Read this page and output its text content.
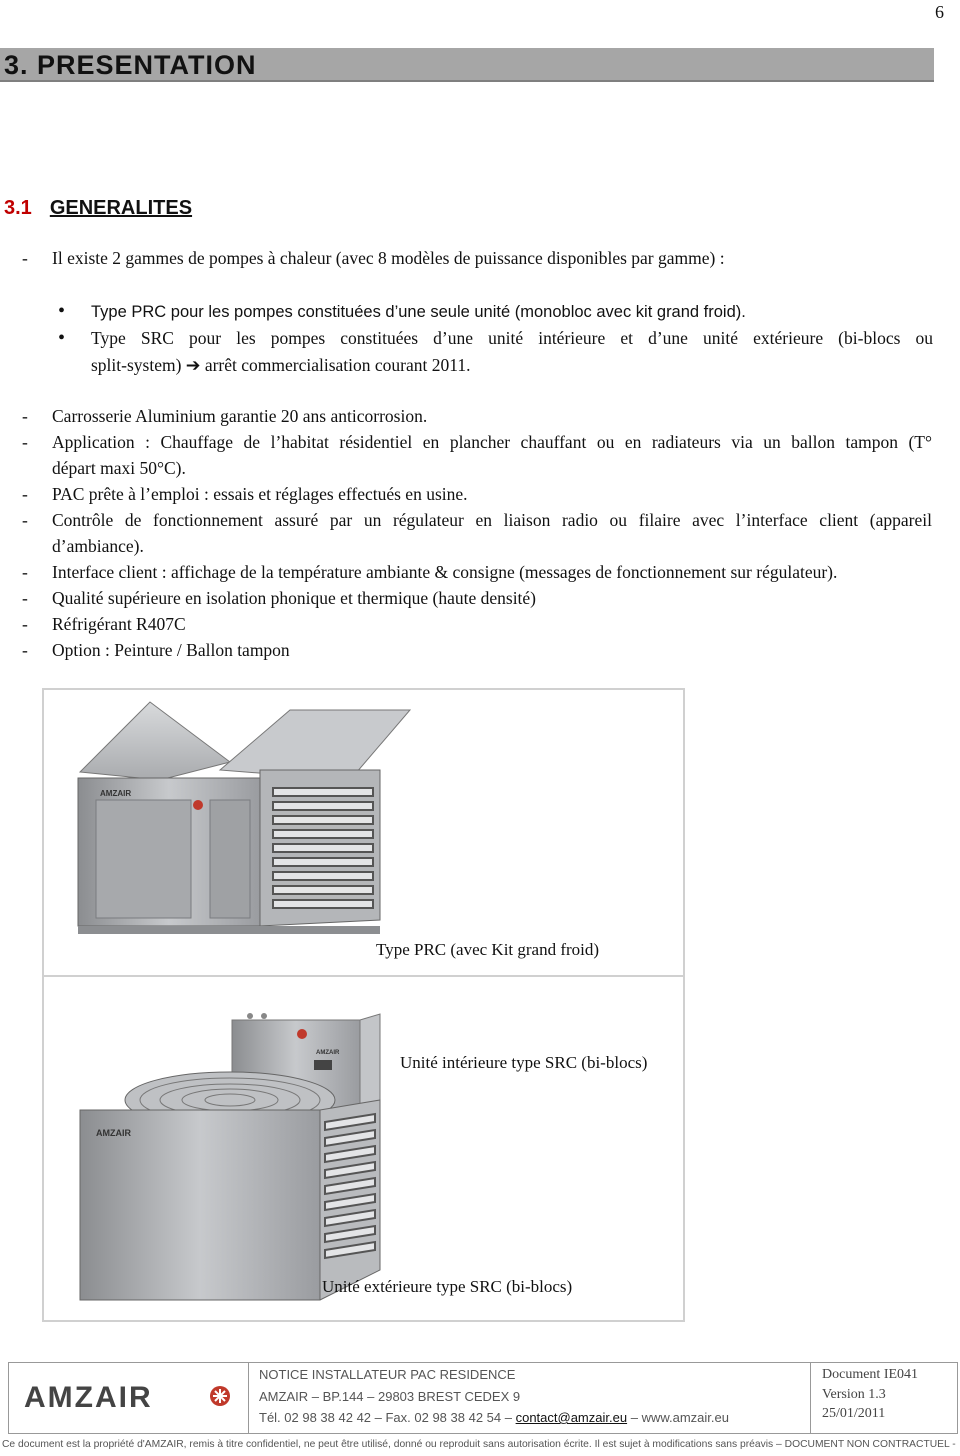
6
3. PRESENTATION
3.1 GENERALITES
- Il existe 2 gammes de pompes à chaleur (avec 8 modèles de puissance disponibles par gamme) :
• Type PRC pour les pompes constituées d’une seule unité (monobloc avec kit grand froid).
• Type SRC pour les pompes constituées d’une unité intérieure et d’une unité extérieure (bi-blocs ou
split-system) ➔ arrêt commercialisation courant 2011.
- Carrosserie Aluminium garantie 20 ans anticorrosion.
- Application : Chauffage de l’habitat résidentiel en plancher chauffant ou en radiateurs via un ballon tampon (T°
départ maxi 50°C).
- PAC prête à l’emploi : essais et réglages effectués en usine.
- Contrôle de fonctionnement assuré par un régulateur en liaison radio ou filaire avec l’interface client (appareil
d’ambiance).
- Interface client : affichage de la température ambiante & consigne (messages de fonctionnement sur régulateur).
- Qualité supérieure en isolation phonique et thermique (haute densité)
- Réfrigérant R407C
- Option : Peinture / Ballon tampon
AMZAIR
Type PRC (avec Kit grand froid)
AMZAIR	Unité intérieure type SRC (bi-blocs)
AMZAIR
Unité extérieure type SRC (bi-blocs)
AMZAIR
NOTICE INSTALLATEUR PAC RESIDENCE
AMZAIR – BP.144 – 29803 BREST CEDEX 9
Tél. 02 98 38 42 42 – Fax. 02 98 38 42 54 – contact@amzair.eu – www.amzair.eu
Document IE041
Version 1.3
25/01/2011
Ce document est la propriété d'AMZAIR, remis à titre confidentiel, ne peut être utilisé, donné ou reproduit sans autorisation écrite. Il est sujet à modifications sans préavis – DOCUMENT NON CONTRACTUEL -
